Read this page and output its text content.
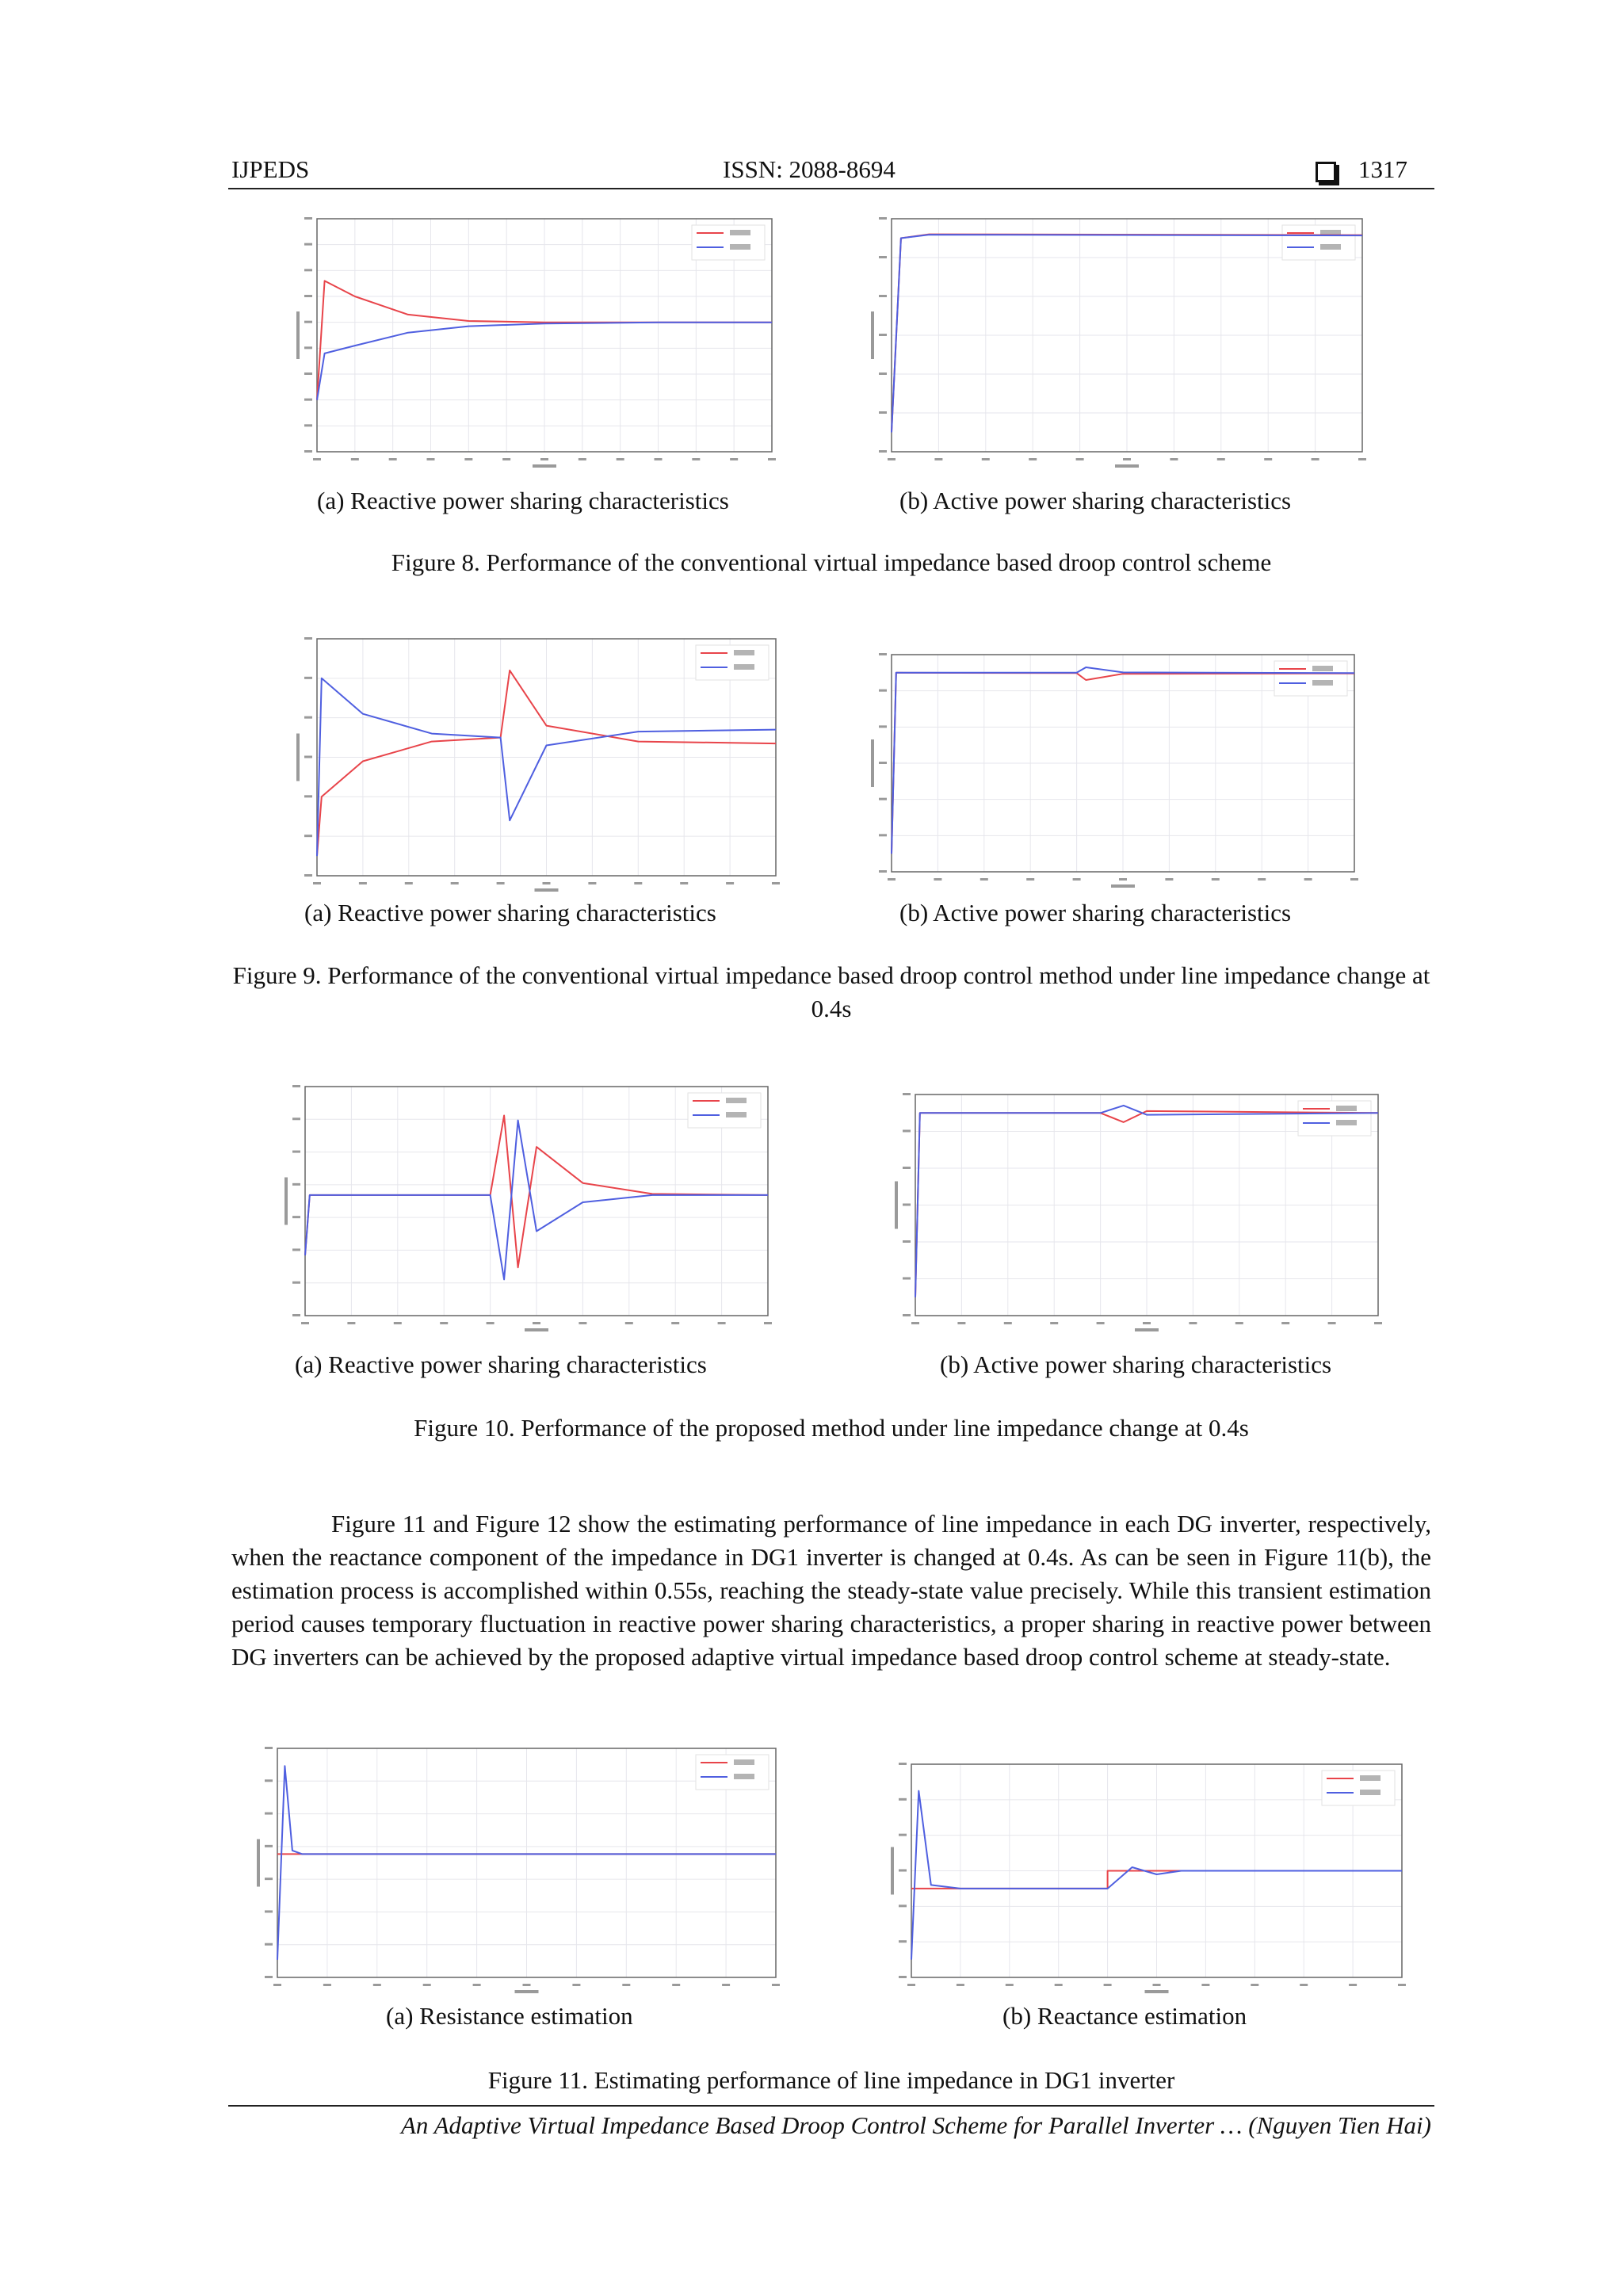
IJPEDS	ISSN: 2088-8694	1317
(a) Reactive power sharing characteristics	(b) Active power sharing characteristics
Figure 8. Performance of the conventional virtual impedance based droop control scheme
(a) Reactive power sharing characteristics	(b) Active power sharing characteristics
Figure 9. Performance of the conventional virtual impedance based droop control method under line impedance change at 0.4s
(a) Reactive power sharing characteristics	(b) Active power sharing characteristics
Figure 10. Performance of the proposed method under line impedance change at 0.4s
Figure 11 and Figure 12 show the estimating performance of line impedance in each DG inverter, respectively, when the reactance component of the impedance in DG1 inverter is changed at 0.4s. As can be seen in Figure 11(b), the estimation process is accomplished within 0.55s, reaching the steady-state value precisely. While this transient estimation period causes temporary fluctuation in reactive power sharing characteristics, a proper sharing in reactive power between DG inverters can be achieved by the proposed adaptive virtual impedance based droop control scheme at steady-state.
(a) Resistance estimation	(b) Reactance estimation
Figure 11. Estimating performance of line impedance in DG1 inverter
An Adaptive Virtual Impedance Based Droop Control Scheme for Parallel Inverter … (Nguyen Tien Hai)
